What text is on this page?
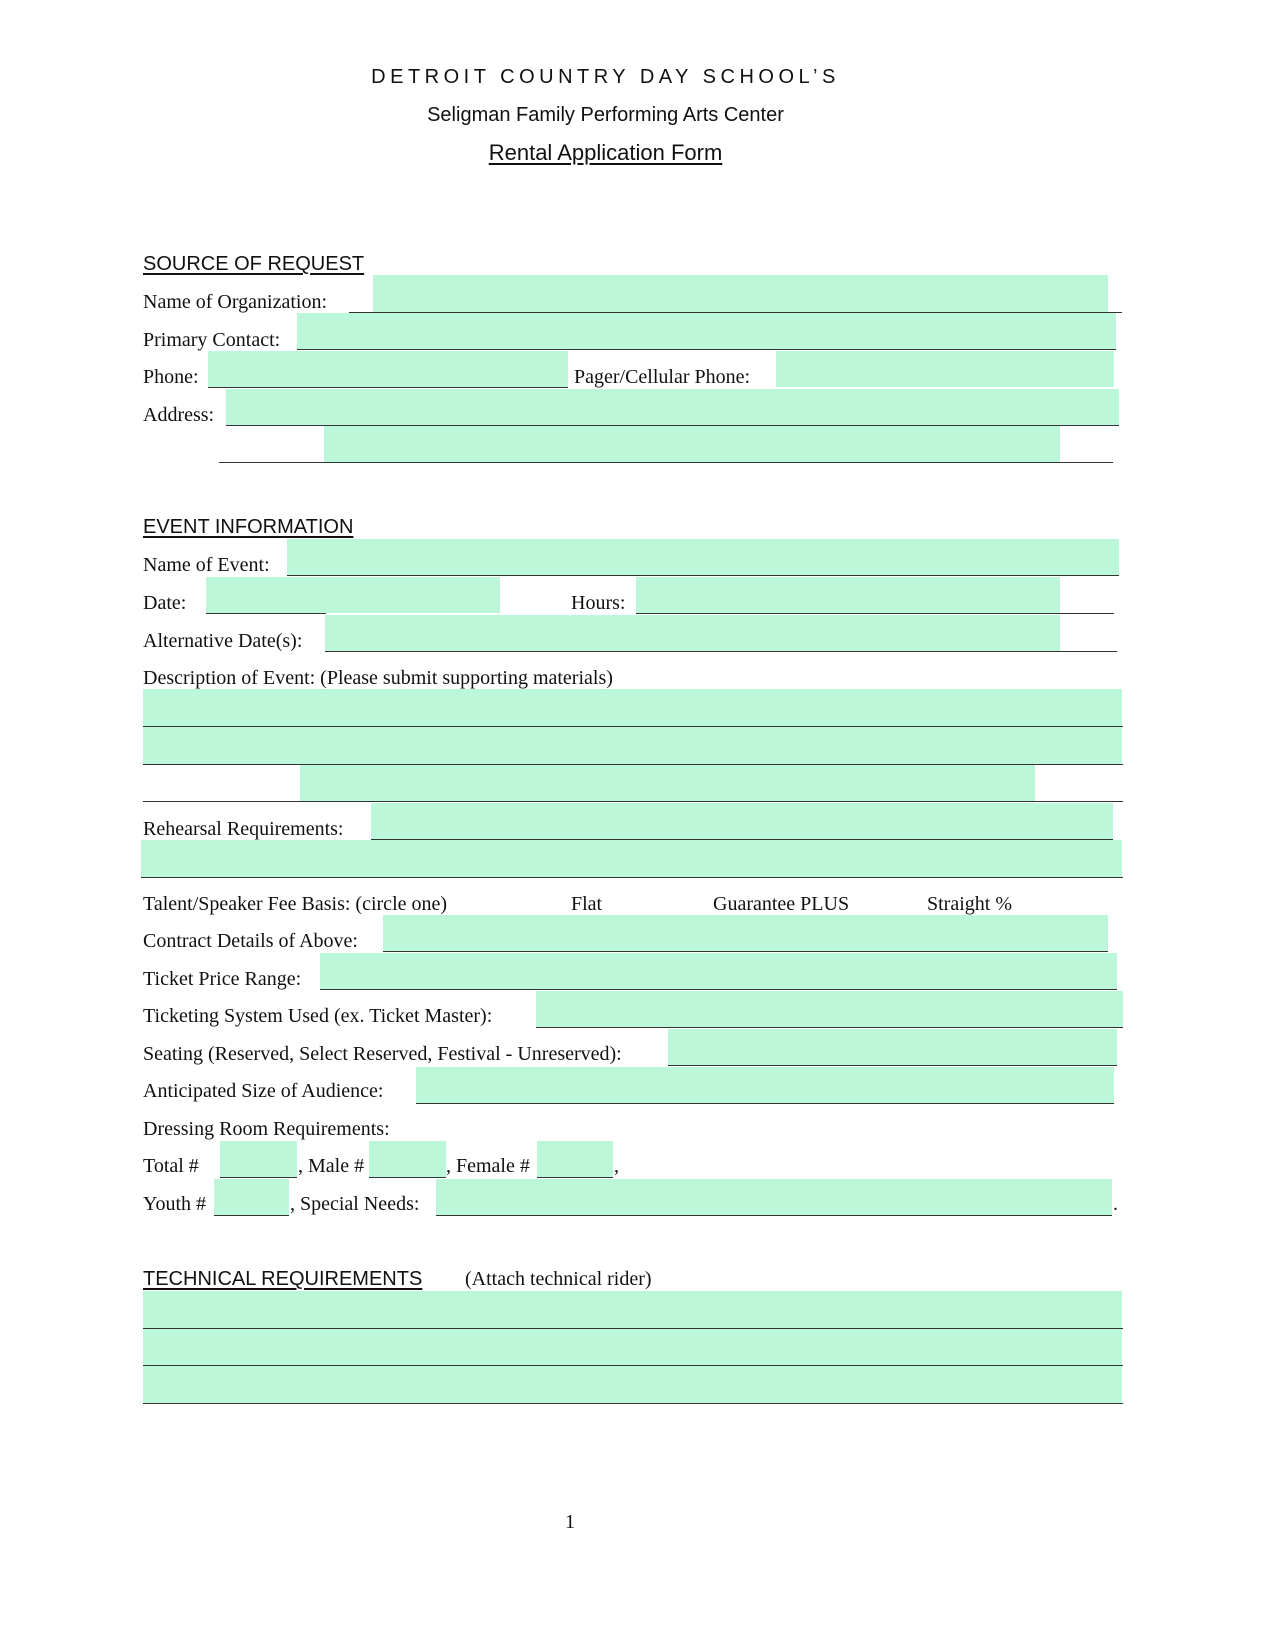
DETROIT COUNTRY DAY SCHOOL’S
Seligman Family Performing Arts Center
Rental Application Form
SOURCE OF REQUEST
Name of Organization:
Primary Contact:
Phone:	Pager/Cellular Phone:
Address:
EVENT INFORMATION
Name of Event:
Date:	Hours:
Alternative Date(s):
Description of Event: (Please submit supporting materials)
Rehearsal Requirements:
Talent/Speaker Fee Basis: (circle one)	Flat	Guarantee PLUS	Straight %
Contract Details of Above:
Ticket Price Range:
Ticketing System Used (ex. Ticket Master):
Seating (Reserved, Select Reserved, Festival - Unreserved):
Anticipated Size of Audience:
Dressing Room Requirements:
Total #	, Male #	, Female #	,
Youth #	, Special Needs:	.
TECHNICAL REQUIREMENTS (Attach technical rider)
1
